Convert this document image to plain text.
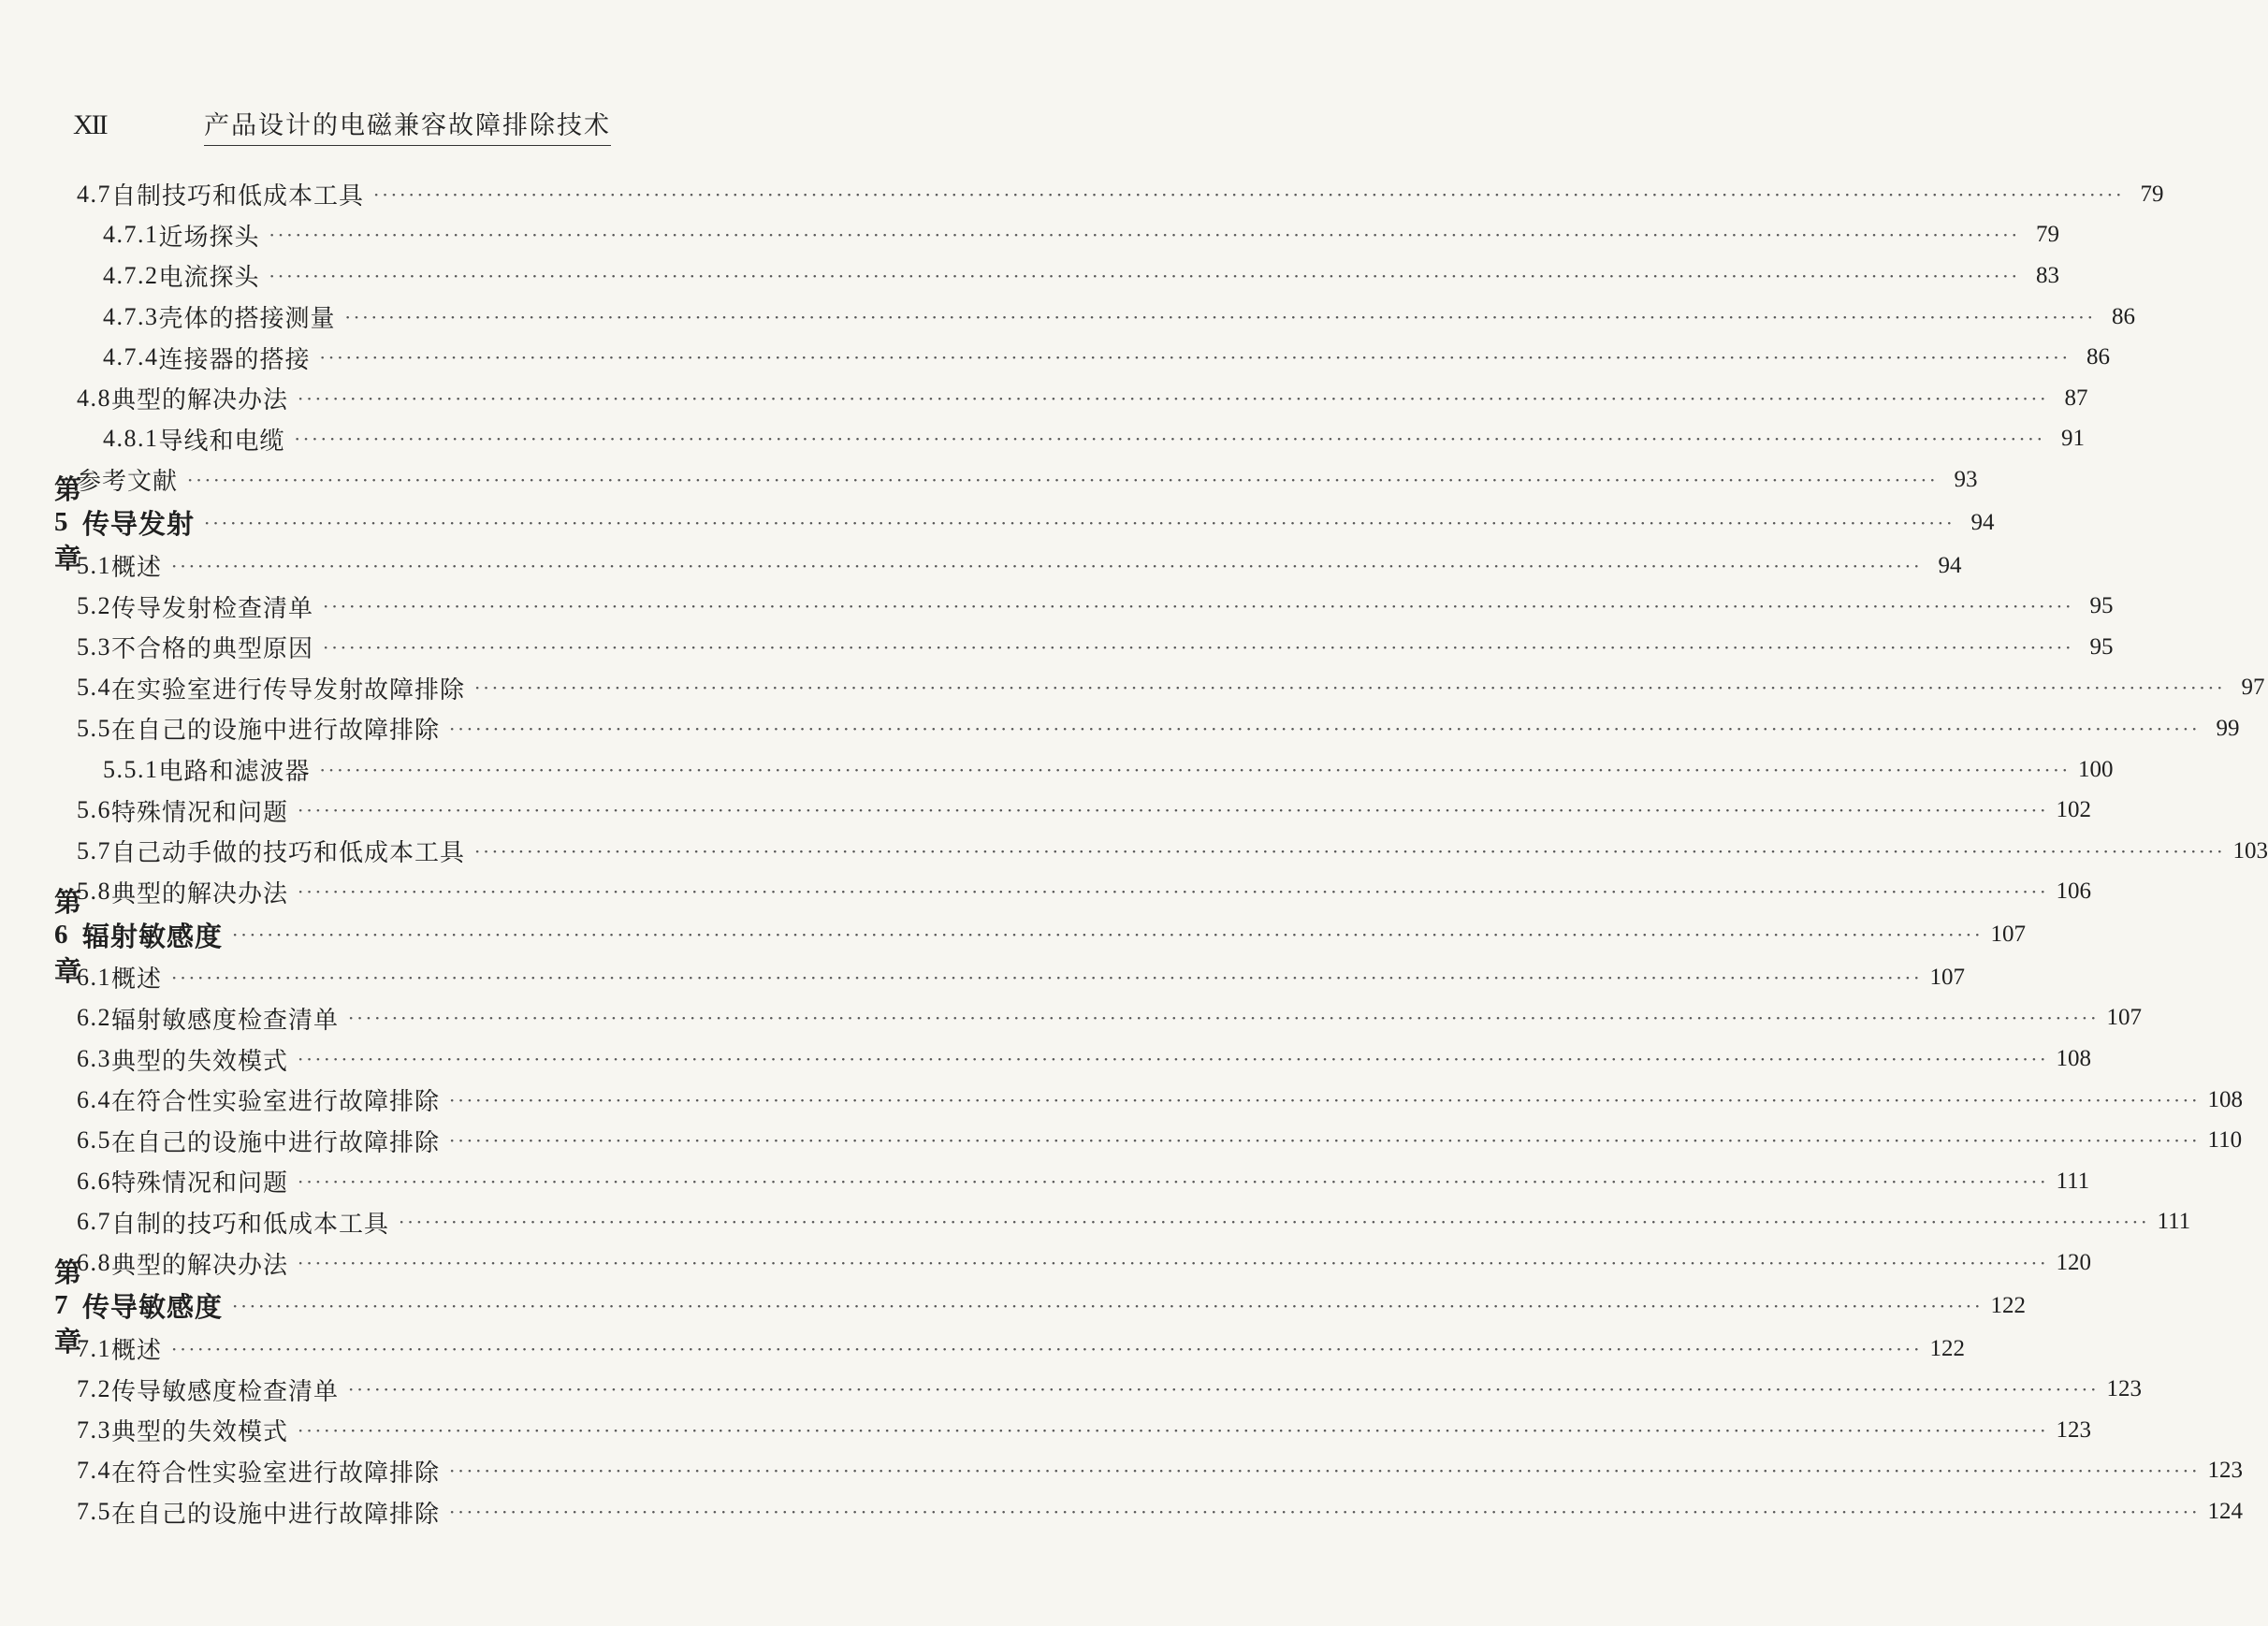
XII	产品设计的电磁兼容故障排除技术
4.7 自制技巧和低成本工具 ········································································································································································································ 79
4.7.1 近场探头 ········································································································································································································ 79
4.7.2 电流探头 ········································································································································································································ 83
4.7.3 壳体的搭接测量 ········································································································································································································ 86
4.7.4 连接器的搭接 ········································································································································································································ 86
4.8 典型的解决办法 ········································································································································································································ 87
4.8.1 导线和电缆 ········································································································································································································ 91
参考文献 ········································································································································································································ 93
第 5 章
传导发射 ········································································································································································································ 94
5.1 概述 ········································································································································································································ 94
5.2 传导发射检查清单 ········································································································································································································ 95
5.3 不合格的典型原因 ········································································································································································································ 95
5.4 在实验室进行传导发射故障排除 ········································································································································································································ 97
5.5 在自己的设施中进行故障排除 ········································································································································································································ 99
5.5.1 电路和滤波器 ········································································································································································································ 100
5.6 特殊情况和问题 ········································································································································································································ 102
5.7 自己动手做的技巧和低成本工具 ········································································································································································································ 103
5.8 典型的解决办法 ········································································································································································································ 106
第 6 章
辐射敏感度 ········································································································································································································ 107
6.1 概述 ········································································································································································································ 107
6.2 辐射敏感度检查清单 ········································································································································································································ 107
6.3 典型的失效模式 ········································································································································································································ 108
6.4 在符合性实验室进行故障排除 ········································································································································································································ 108
6.5 在自己的设施中进行故障排除 ········································································································································································································ 110
6.6 特殊情况和问题 ········································································································································································································ 111
6.7 自制的技巧和低成本工具 ········································································································································································································ 111
6.8 典型的解决办法 ········································································································································································································ 120
第 7 章
传导敏感度 ········································································································································································································ 122
7.1 概述 ········································································································································································································ 122
7.2 传导敏感度检查清单 ········································································································································································································ 123
7.3 典型的失效模式 ········································································································································································································ 123
7.4 在符合性实验室进行故障排除 ········································································································································································································ 123
7.5 在自己的设施中进行故障排除 ········································································································································································································ 124
